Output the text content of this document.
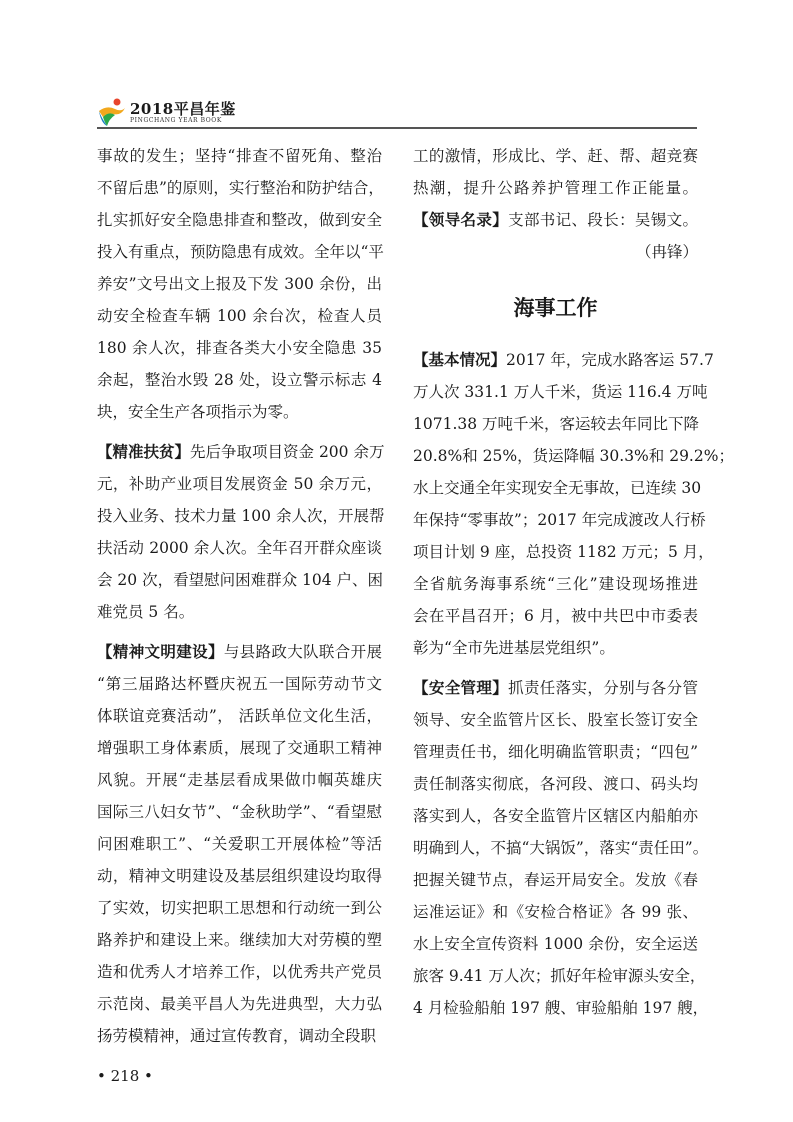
2018平昌年鉴
PINGCHANG YEAR BOOK
事故的发生；坚持“排查不留死角、整治
不留后患”的原则，实行整治和防护结合，
扎实抓好安全隐患排查和整改，做到安全
投入有重点，预防隐患有成效。全年以“平
养安”文号出文上报及下发 300 余份，出
动安全检查车辆 100 余台次，检查人员
180 余人次，排查各类大小安全隐患 35
余起，整治水毁 28 处，设立警示标志 4
块，安全生产各项指示为零。
【精准扶贫】先后争取项目资金 200 余万
元，补助产业项目发展资金 50 余万元，
投入业务、技术力量 100 余人次，开展帮
扶活动 2000 余人次。全年召开群众座谈
会 20 次，看望慰问困难群众 104 户、困
难党员 5 名。
【精神文明建设】与县路政大队联合开展
“第三届路达杯暨庆祝五一国际劳动节文
体联谊竞赛活动”， 活跃单位文化生活，
增强职工身体素质，展现了交通职工精神
风貌。开展“走基层看成果做巾帼英雄庆
国际三八妇女节”、“金秋助学”、“看望慰
问困难职工”、“关爱职工开展体检”等活
动，精神文明建设及基层组织建设均取得
了实效，切实把职工思想和行动统一到公
路养护和建设上来。继续加大对劳模的塑
造和优秀人才培养工作，以优秀共产党员
示范岗、最美平昌人为先进典型，大力弘
扬劳模精神，通过宣传教育，调动全段职
工的激情，形成比、学、赶、帮、超竞赛
热潮，提升公路养护管理工作正能量。
【领导名录】支部书记、段长：吴锡文。
（冉锋）
海事工作
【基本情况】2017 年，完成水路客运 57.7
万人次 331.1 万人千米，货运 116.4 万吨
1071.38 万吨千米，客运较去年同比下降
20.8%和 25%，货运降幅 30.3%和 29.2%；
水上交通全年实现安全无事故，已连续 30
年保持“零事故”；2017 年完成渡改人行桥
项目计划 9 座，总投资 1182 万元；5 月，
全省航务海事系统“三化”建设现场推进
会在平昌召开；6 月，被中共巴中市委表
彰为“全市先进基层党组织”。
【安全管理】抓责任落实，分别与各分管
领导、安全监管片区长、股室长签订安全
管理责任书，细化明确监管职责；“四包”
责任制落实彻底，各河段、渡口、码头均
落实到人，各安全监管片区辖区内船舶亦
明确到人，不搞“大锅饭”，落实“责任田”。
把握关键节点，春运开局安全。发放《春
运准运证》和《安检合格证》各 99 张、
水上安全宣传资料 1000 余份，安全运送
旅客 9.41 万人次；抓好年检审源头安全，
4 月检验船舶 197 艘、审验船舶 197 艘，
• 218 •
